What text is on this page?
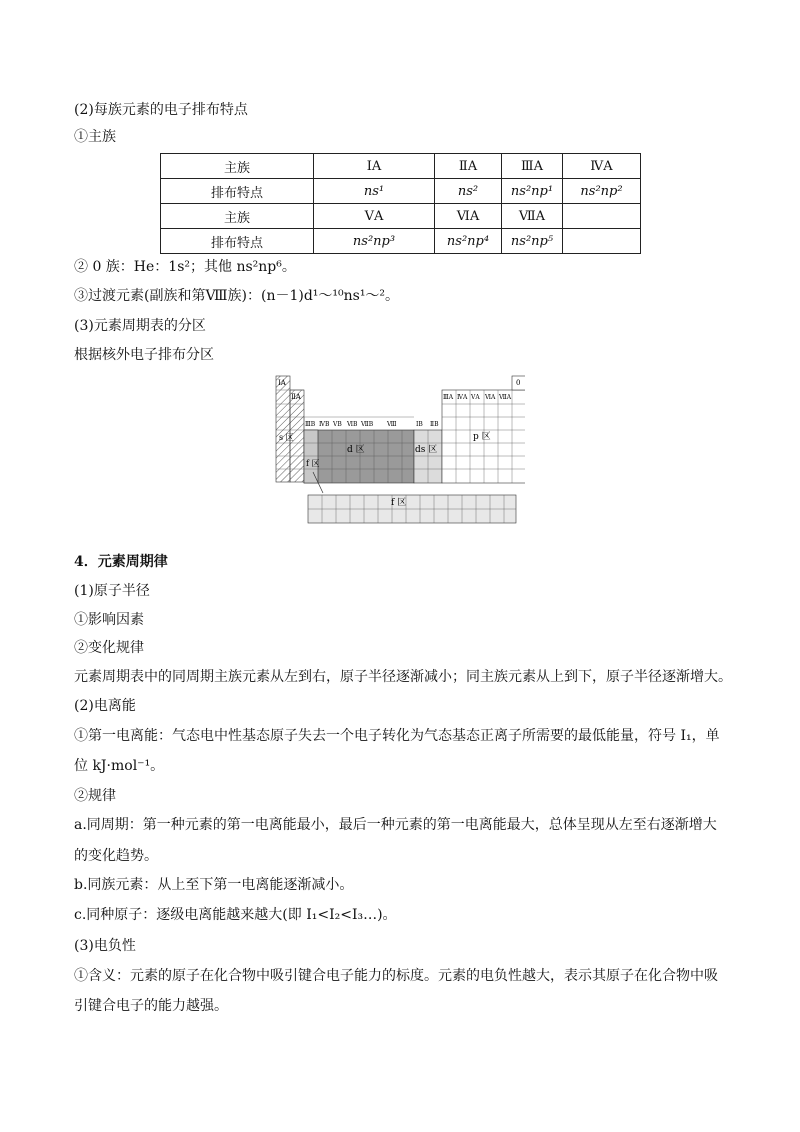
(2)每族元素的电子排布特点
①主族
主族	ⅠA	ⅡA	ⅢA	ⅣA
排布特点	ns¹	ns²	ns²np¹	ns²np²
主族	ⅤA	ⅥA	ⅦA	
排布特点	ns²np³	ns²np⁴	ns²np⁵	
② 0 族：He：1s²；其他 ns²np⁶。
③过渡元素(副族和第Ⅷ族)：(n－1)d¹～¹⁰ns¹～²。
(3)元素周期表的分区
根据核外电子排布分区
ⅠA
ⅡA
0
ⅢA ⅣA ⅤA ⅥA ⅦA
ⅢB ⅣB ⅤB ⅥB ⅦB Ⅷ	ⅠB ⅡB
s 区
d 区	ds 区
p 区
f 区
f 区
4．元素周期律
(1)原子半径
①影响因素
②变化规律
元素周期表中的同周期主族元素从左到右，原子半径逐渐减小；同主族元素从上到下，原子半径逐渐增大。
(2)电离能
①第一电离能：气态电中性基态原子失去一个电子转化为气态基态正离子所需要的最低能量，符号 I₁，单
位 kJ·mol⁻¹。
②规律
a.同周期：第一种元素的第一电离能最小，最后一种元素的第一电离能最大，总体呈现从左至右逐渐增大
的变化趋势。
b.同族元素：从上至下第一电离能逐渐减小。
c.同种原子：逐级电离能越来越大(即 I₁<I₂<I₃…)。
(3)电负性
①含义：元素的原子在化合物中吸引键合电子能力的标度。元素的电负性越大，表示其原子在化合物中吸
引键合电子的能力越强。
